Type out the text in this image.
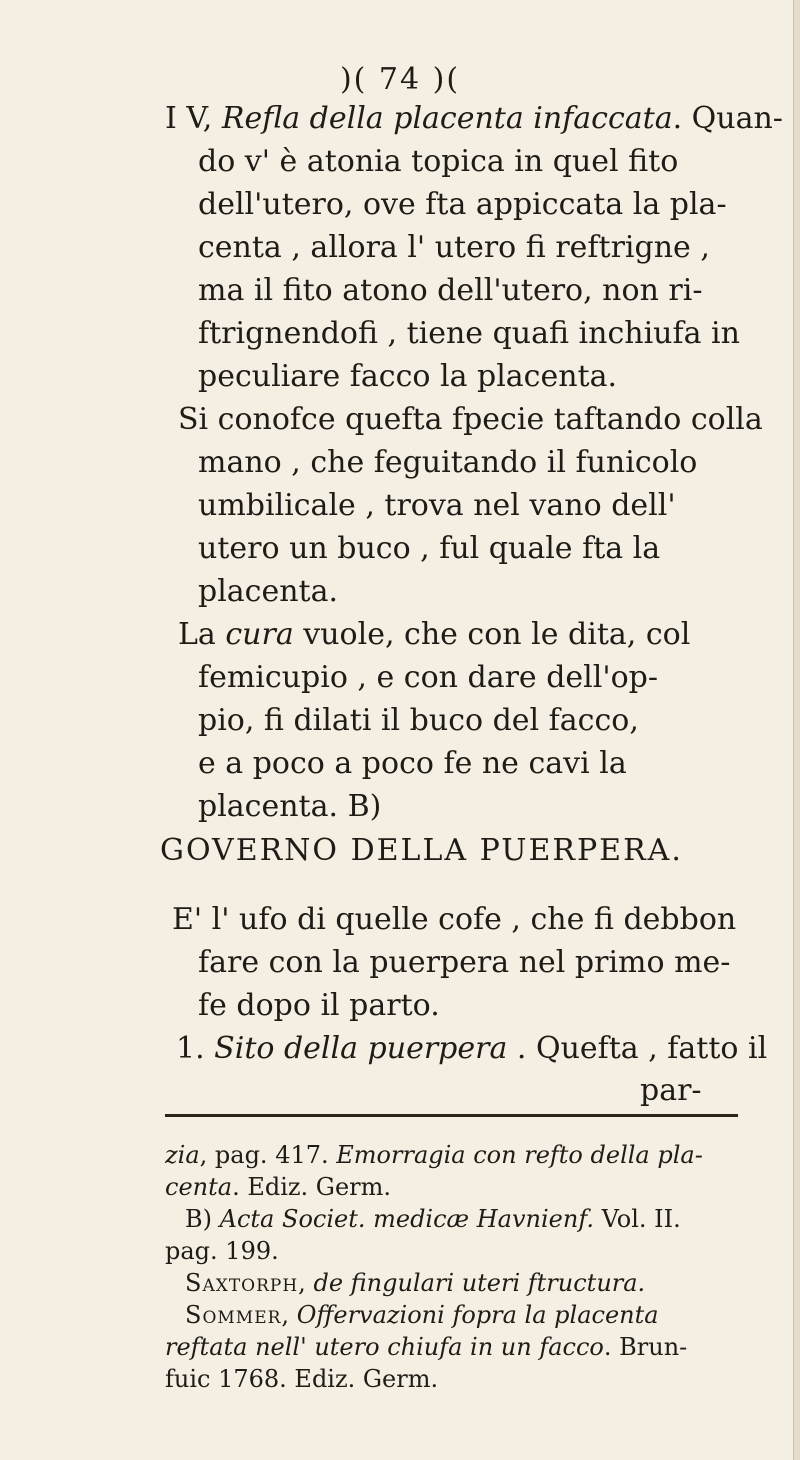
)( 74 )(
I V, Refla della placenta infaccata. Quan-
do v' è atonia topica in quel fito
dell'utero, ove fta appiccata la pla-
centa , allora l' utero fi reftrigne ,
ma il fito atono dell'utero, non ri-
ftrignendofi , tiene quafi inchiufa in
peculiare facco la placenta.
Si conofce quefta fpecie taftando colla
mano , che feguitando il funicolo
umbilicale , trova nel vano dell'
utero un buco , ful quale fta la
placenta.
La cura vuole, che con le dita, col
femicupio , e con dare dell'op-
pio, fi dilati il buco del facco,
e a poco a poco fe ne cavi la
placenta. B)
GOVERNO DELLA PUERPERA.
E' l' ufo di quelle cofe , che fi debbon
fare con la puerpera nel primo me-
fe dopo il parto.
1. Sito della puerpera . Quefta , fatto il
par-
zia, pag. 417. Emorragia con refto della pla-
centa. Ediz. Germ.
B) Acta Societ. medicæ Havnienf. Vol. II.
pag. 199.
Saxtorph, de fingulari uteri ftructura.
Sommer, Offervazioni fopra la placenta
reftata nell' utero chiufa in un facco. Brun-
fuic 1768. Ediz. Germ.
